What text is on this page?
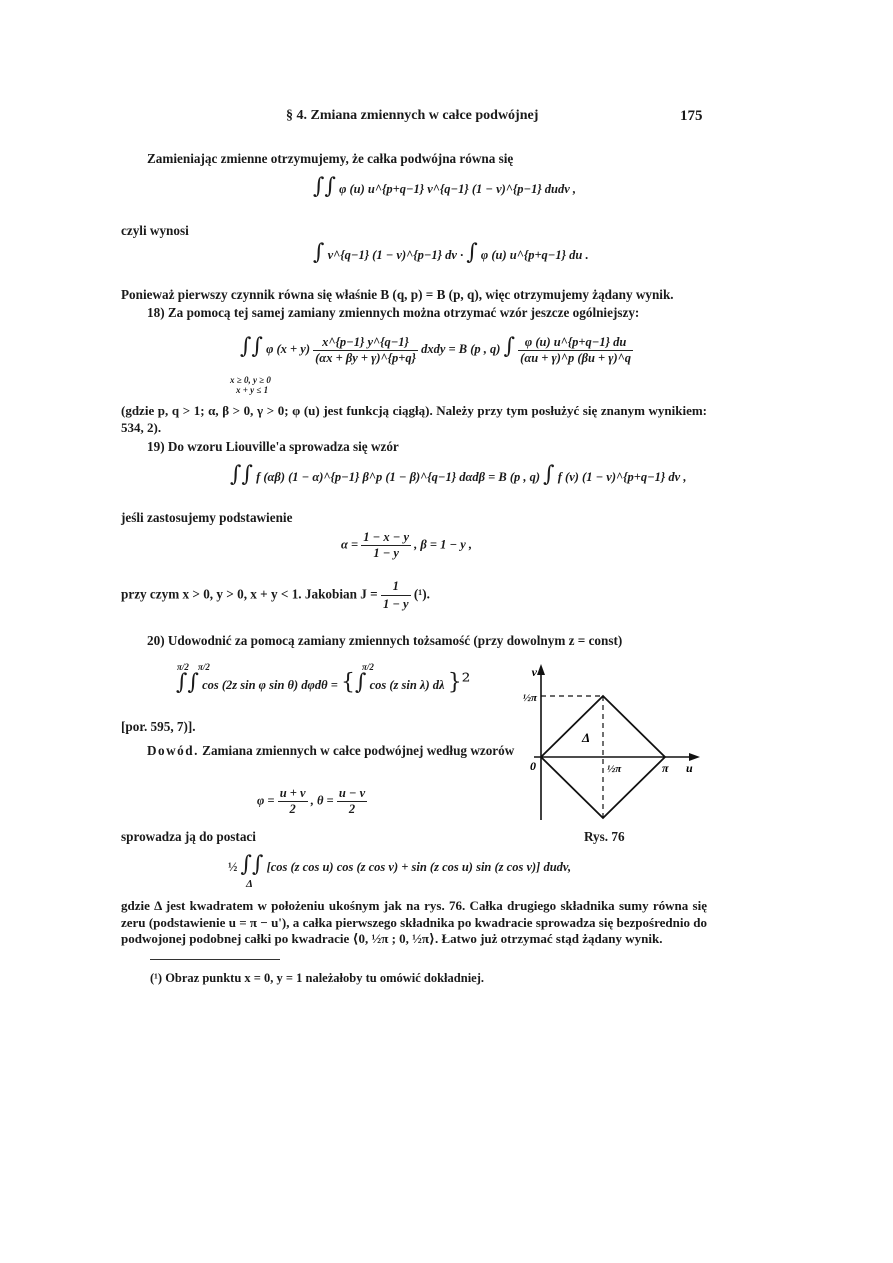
§ 4. Zmiana zmiennych w całce podwójnej	175
Zamieniając zmienne otrzymujemy, że całka podwójna równa się
∫∫ φ (u) u^{p+q−1} v^{q−1} (1 − v)^{p−1} dudv ,
czyli wynosi
∫ v^{q−1} (1 − v)^{p−1} dv · ∫ φ (u) u^{p+q−1} du .
Ponieważ pierwszy czynnik równa się właśnie B (q, p) = B (p, q), więc otrzymujemy żądany wynik.
18) Za pomocą tej samej zamiany zmiennych można otrzymać wzór jeszcze ogólniejszy:
∫∫ φ $(x + y) \frac{x\^{}\{p-1\} y\^{}\{q-1\}}{(\alpha x + \beta y + \gamma)\^{}\{p+q\}}$ dxdy = B (p , q) ∫ $\frac{\varphi (u) u\^{}\{p+q-1\} du}{(\alpha u + \gamma)\^{}p (\beta u + \gamma)\^{}q}$
x ≥ 0, y ≥ 0
x + y ≤ 1
(gdzie p, q > 1; α, β > 0, γ > 0; φ (u) jest funkcją ciągłą). Należy przy tym posłużyć się znanym wynikiem: 534, 2).
19) Do wzoru Liouville'a sprowadza się wzór
∫∫ f (αβ) (1 − α)^{p−1} β^p (1 − β)^{q−1} dαdβ = B (p , q) ∫ f (v) (1 − v)^{p+q−1} dv ,
jeśli zastosujemy podstawienie
$\alpha = \frac{1 - x - y}{1 - y}$ , β = 1 − y ,
przy czym x > 0, y > 0, x + y < 1. Jakobian $J = \frac{1}{1 - y} (^1)$.
20) Udowodnić za pomocą zamiany zmiennych tożsamość (przy dowolnym z = const)
π/2 π/2	π/2
∫∫ cos (2z sin φ sin θ) dφdθ = {∫ cos (z sin λ) dλ }²
[por. 595, 7)].
Dowód. Zamiana zmiennych w całce podwójnej według wzorów
$\varphi = \frac{u + v}{2}$ , $\theta = \frac{u - v}{2}$
sprowadza ją do postaci
v
½π
0
Δ
½π	π u
Rys. 76
½ ∫∫ [cos (z cos u) cos (z cos v) + sin (z cos u) sin (z cos v)] dudv,
Δ
gdzie Δ jest kwadratem w położeniu ukośnym jak na rys. 76. Całka drugiego składnika sumy równa się zeru (podstawienie u = π − u'), a całka pierwszego składnika po kwadracie sprowadza się bezpośrednio do podwojonej podobnej całki po kwadracie ⟨0, ½π ; 0, ½π⟩. Łatwo już otrzymać stąd żądany wynik.
(¹) Obraz punktu x = 0, y = 1 należałoby tu omówić dokładniej.
